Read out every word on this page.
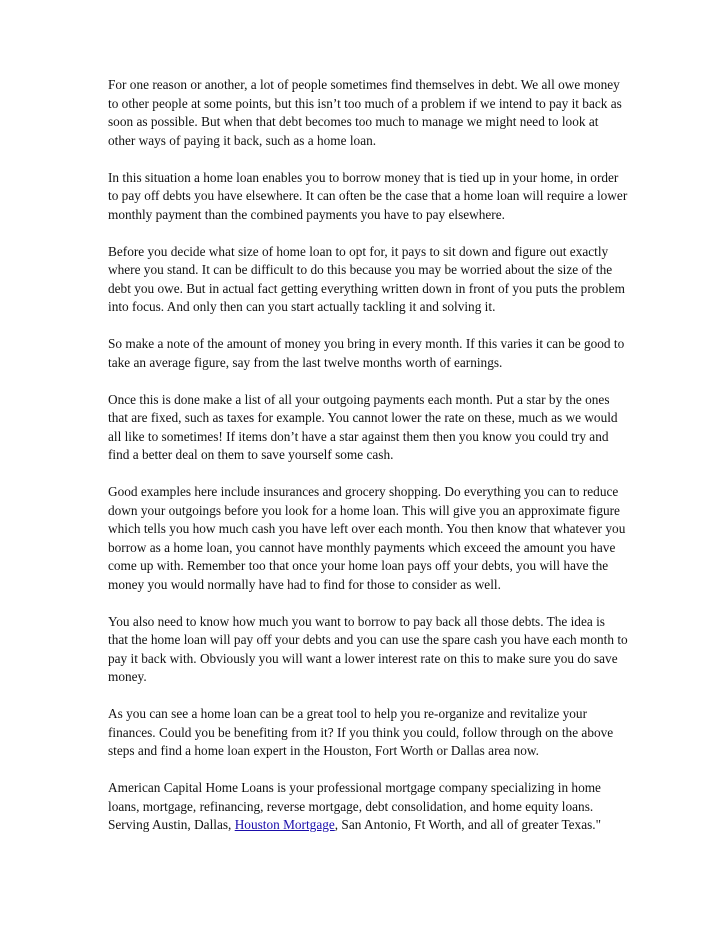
For one reason or another, a lot of people sometimes find themselves in debt. We all owe money to other people at some points, but this isn’t too much of a problem if we intend to pay it back as soon as possible. But when that debt becomes too much to manage we might need to look at other ways of paying it back, such as a home loan.

In this situation a home loan enables you to borrow money that is tied up in your home, in order to pay off debts you have elsewhere. It can often be the case that a home loan will require a lower monthly payment than the combined payments you have to pay elsewhere.

Before you decide what size of home loan to opt for, it pays to sit down and figure out exactly where you stand. It can be difficult to do this because you may be worried about the size of the debt you owe. But in actual fact getting everything written down in front of you puts the problem into focus. And only then can you start actually tackling it and solving it.

So make a note of the amount of money you bring in every month. If this varies it can be good to take an average figure, say from the last twelve months worth of earnings.

Once this is done make a list of all your outgoing payments each month. Put a star by the ones that are fixed, such as taxes for example. You cannot lower the rate on these, much as we would all like to sometimes! If items don’t have a star against them then you know you could try and find a better deal on them to save yourself some cash.

Good examples here include insurances and grocery shopping. Do everything you can to reduce down your outgoings before you look for a home loan. This will give you an approximate figure which tells you how much cash you have left over each month. You then know that whatever you borrow as a home loan, you cannot have monthly payments which exceed the amount you have come up with. Remember too that once your home loan pays off your debts, you will have the money you would normally have had to find for those to consider as well.

You also need to know how much you want to borrow to pay back all those debts. The idea is that the home loan will pay off your debts and you can use the spare cash you have each month to pay it back with. Obviously you will want a lower interest rate on this to make sure you do save money.

As you can see a home loan can be a great tool to help you re-organize and revitalize your finances. Could you be benefiting from it? If you think you could, follow through on the above steps and find a home loan expert in the Houston, Fort Worth or Dallas area now.

American Capital Home Loans is your professional mortgage company specializing in home loans, mortgage, refinancing, reverse mortgage, debt consolidation, and home equity loans. Serving Austin, Dallas, Houston Mortgage, San Antonio, Ft Worth, and all of greater Texas."
